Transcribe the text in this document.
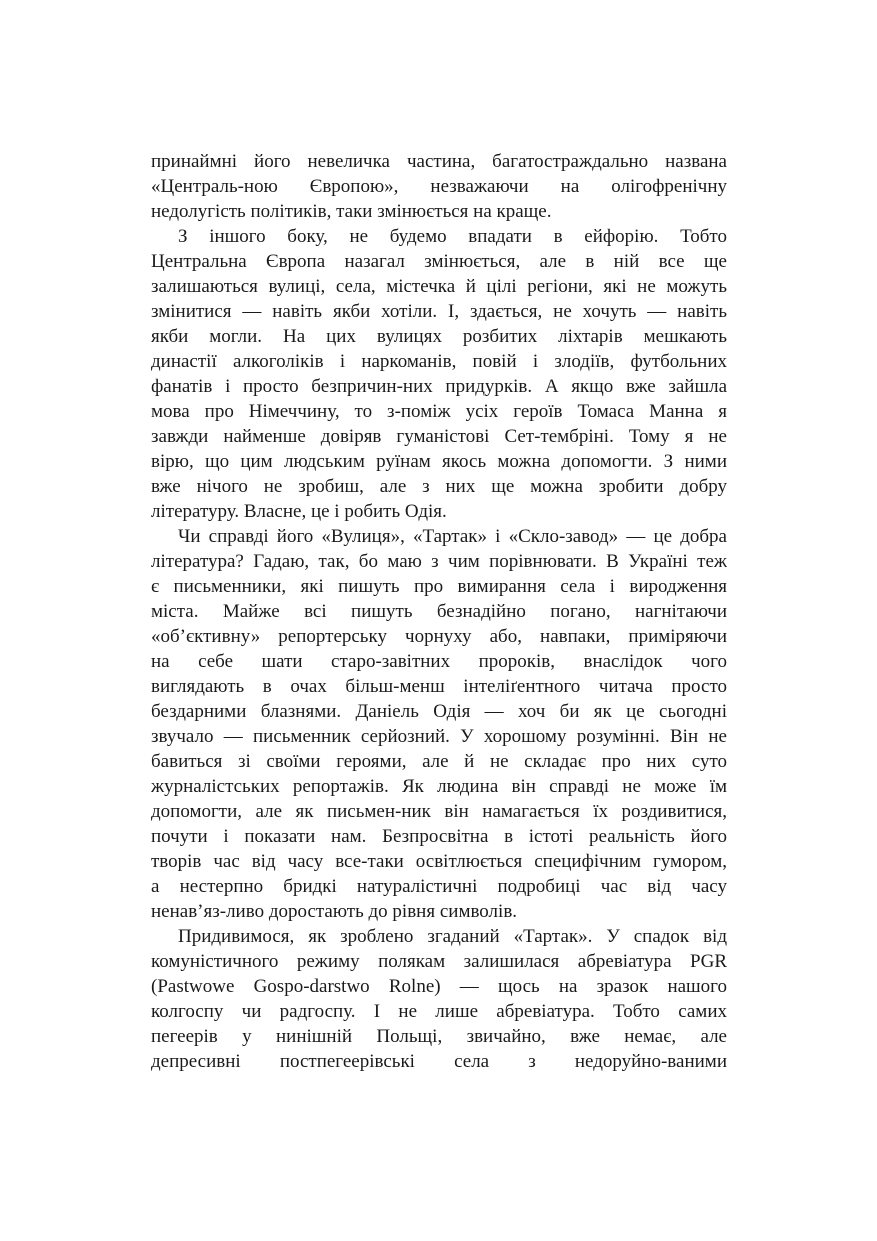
принаймні його невеличка частина, багатостраждально названа
«Централь-ною Європою», незважаючи на олігофренічну
недолугість політиків, таки змінюється на краще.
З іншого боку, не будемо впадати в ейфорію. Тобто
Центральна Європа назагал змінюється, але в ній все ще
залишаються вулиці, села, містечка й цілі регіони, які не можуть
змінитися — навіть якби хотіли. І, здається, не хочуть — навіть
якби могли. На цих вулицях розбитих ліхтарів мешкають
династії алкоголіків і наркоманів, повій і злодіїв, футбольних
фанатів і просто безпричин-них придурків. А якщо вже зайшла
мова про Німеччину, то з-поміж усіх героїв Томаса Манна я
завжди найменше довіряв гуманістові Сет-тембріні. Тому я не
вірю, що цим людським руїнам якось можна допомогти. З ними
вже нічого не зробиш, але з них ще можна зробити добру
літературу. Власне, це і робить Одія.
Чи справді його «Вулиця», «Тартак» і «Скло-завод» — це добра
література? Гадаю, так, бо маю з чим порівнювати. В Україні теж
є письменники, які пишуть про вимирання села і виродження
міста. Майже всі пишуть безнадійно погано, нагнітаючи
«об’єктивну» репортерську чорнуху або, навпаки, приміряючи
на себе шати старо-завітних пророків, внаслідок чого
виглядають в очах більш-менш інтеліґентного читача просто
бездарними блазнями. Даніель Одія — хоч би як це сьогодні
звучало — письменник серйозний. У хорошому розумінні. Він не
бавиться зі своїми героями, але й не складає про них суто
журналістських репортажів. Як людина він справді не може їм
допомогти, але як письмен-ник він намагається їх роздивитися,
почути і показати нам. Безпросвітна в істоті реальність його
творів час від часу все-таки освітлюється специфічним гумором,
а нестерпно бридкі натуралістичні подробиці час від часу
ненав’яз-ливо доростають до рівня символів.
Придивимося, як зроблено згаданий «Тартак». У спадок від
комуністичного режиму полякам залишилася абревіатура PGR
(Pastwowe Gospo-darstwo Rolne) — щось на зразок нашого
колгоспу чи радгоспу. І не лише абревіатура. Тобто самих
пегеерів у нинішній Польщі, звичайно, вже немає, але
депресивні постпегеерівські села з недоруйно-ваними
